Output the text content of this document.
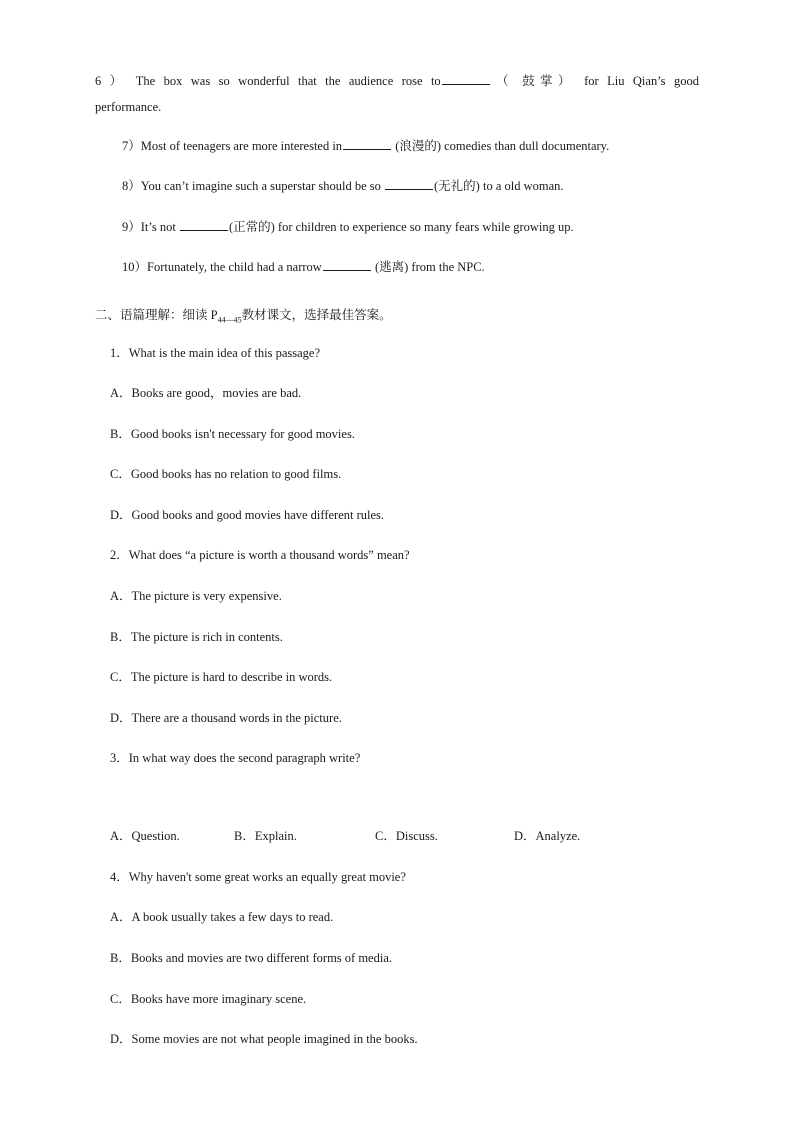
6 ） The box was so wonderful that the audience rose to	（ 鼓掌） for Liu Qian’s good
performance.
7）Most of teenagers are more interested in	(浪漫的) comedies than dull documentary.
8）You can’t imagine such a superstar should be so	(无礼的) to a old woman.
9）It’s not	(正常的) for children to experience so many fears while growing up.
10）Fortunately, the child had a narrow	(逃离) from the NPC.
二、语篇理解：细读 $P_{44—45}$教材课文，选择最佳答案。
1．What is the main idea of this passage?
A．Books are good，movies are bad.
B．Good books isn't necessary for good movies.
C．Good books has no relation to good films.
D．Good books and good movies have different rules.
2．What does “a picture is worth a thousand words” mean?
A．The picture is very expensive.
B．The picture is rich in contents.
C．The picture is hard to describe in words.
D．There are a thousand words in the picture.
3．In what way does the second paragraph write?
A．Question.	B．Explain.	C．Discuss.	D．Analyze.
4．Why haven't some great works an equally great movie?
A．A book usually takes a few days to read.
B．Books and movies are two different forms of media.
C．Books have more imaginary scene.
D．Some movies are not what people imagined in the books.
